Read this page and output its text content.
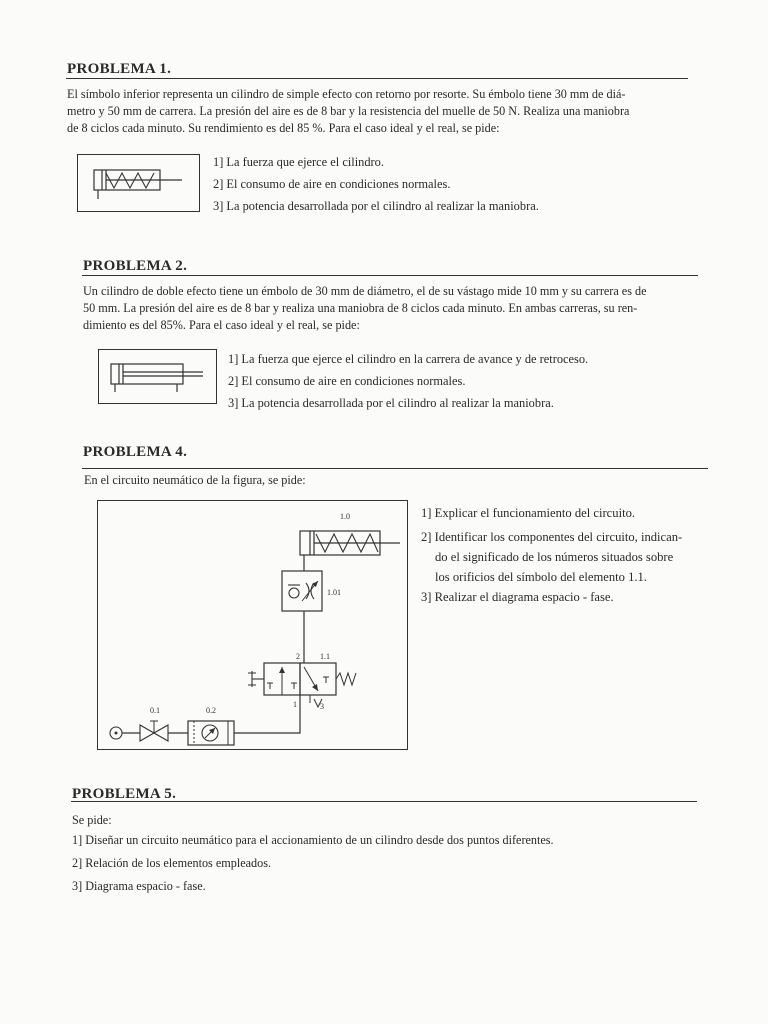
PROBLEMA 1.
El símbolo inferior representa un cilindro de simple efecto con retorno por resorte. Su émbolo tiene 30 mm de diá-
metro y 50 mm de carrera. La presión del aire es de 8 bar y la resistencia del muelle de 50 N. Realiza una maniobra
de 8 ciclos cada minuto. Su rendimiento es del 85 %. Para el caso ideal y el real, se pide:
1] La fuerza que ejerce el cilindro.
2] El consumo de aire en condiciones normales.
3] La potencia desarrollada por el cilindro al realizar la maniobra.
PROBLEMA 2.
Un cilindro de doble efecto tiene un émbolo de 30 mm de diámetro, el de su vástago mide 10 mm y su carrera es de
50 mm. La presión del aire es de 8 bar y realiza una maniobra de 8 ciclos cada minuto. En ambas carreras, su ren-
dimiento es del 85%. Para el caso ideal y el real, se pide:
1] La fuerza que ejerce el cilindro en la carrera de avance y de retroceso.
2] El consumo de aire en condiciones normales.
3] La potencia desarrollada por el cilindro al realizar la maniobra.
PROBLEMA 4.
En el circuito neumático de la figura, se pide:
1.0
1.01
2	1.1
1	3
0.2
0.1
1] Explicar el funcionamiento del circuito.
2] Identificar los componentes del circuito, indican-
do el significado de los números situados sobre
los orificios del símbolo del elemento 1.1.
3] Realizar el diagrama espacio - fase.
PROBLEMA 5.
Se pide:
1] Diseñar un circuito neumático para el accionamiento de un cilindro desde dos puntos diferentes.
2] Relación de los elementos empleados.
3] Diagrama espacio - fase.
